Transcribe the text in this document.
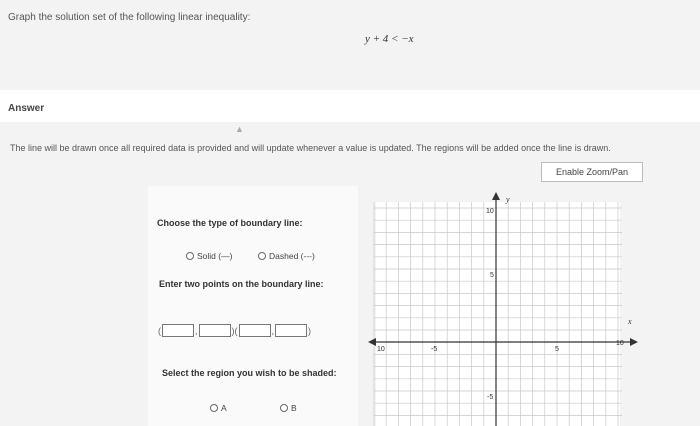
Graph the solution set of the following linear inequality:
y + 4 < −x
Answer
▲
The line will be drawn once all required data is provided and will update whenever a value is updated. The regions will be added once the line is drawn.
Enable Zoom/Pan
Choose the type of boundary line:
Solid (—)	Dashed (---)
Enter two points on the boundary line:
(	,	)(	,	)
Select the region you wish to be shaded:
A	B
x
y
10	-5	5
10
10
5
-5
